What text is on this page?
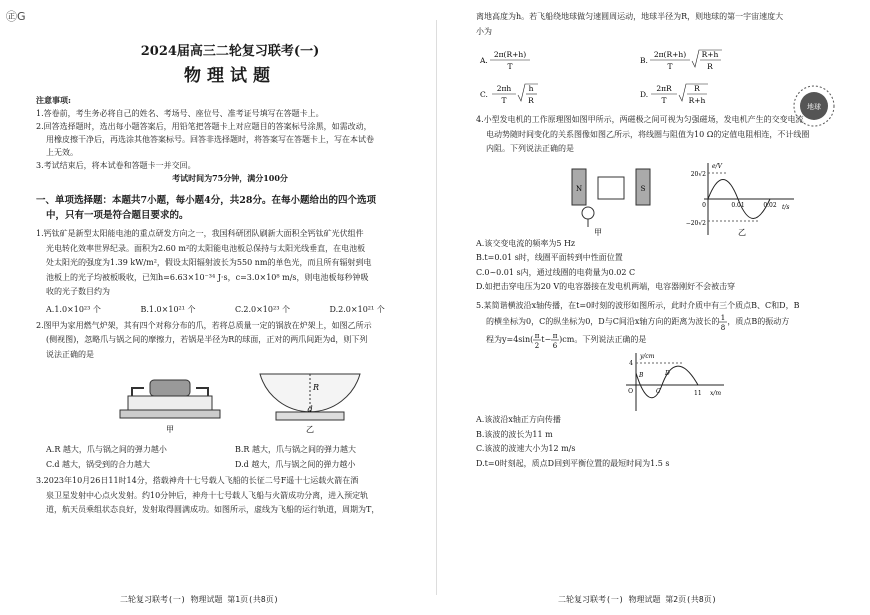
㊣G

2024届高三二轮复习联考(一)

物理试题

注意事项:

1.答卷前，考生务必将自己的姓名、考场号、座位号、准考证号填写在答题卡上。

2.回答选择题时，选出每小题答案后，用铅笔把答题卡上对应题目的答案标号涂黑，如需改动，

用橡皮擦干净后，再选涂其他答案标号。回答非选择题时，将答案写在答题卡上，写在本试卷

上无效。

3.考试结束后，将本试卷和答题卡一并交回。

考试时间为75分钟，满分100分

一、单项选择题：本题共7小题，每小题4分，共28分。在每小题给出的四个选项

中，只有一项是符合题目要求的。

1.钙钛矿是新型太阳能电池的重点研发方向之一，我国科研团队刷新大面积全钙钛矿光伏组件

光电转化效率世界纪录。面积为2.60 m²的太阳能电池板总保持与太阳光线垂直，在电池板

处太阳光的强度为1.39 kW/m²，假设太阳辐射波长为550 nm的单色光，而且所有辐射到电

池板上的光子均被板吸收，已知h=6.63×10⁻³⁴ J·s，c=3.0×10⁸ m/s，则电池板每秒钟吸

收的光子数目约为

A.1.0×10²³ 个	B.1.0×10²¹ 个	C.2.0×10²³ 个	D.2.0×10²¹ 个

2.图甲为家用燃气炉架，其有四个对称分布的爪，若将总质量一定的锅放在炉架上，如图乙所示

(侧视图)，忽略爪与锅之间的摩擦力，若锅是半径为R的球面，正对的两爪间距为d，则下列

说法正确的是

甲
R
d
乙
A.R 越大，爪与锅之间的弹力越小	B.R 越大，爪与锅之间的弹力越大
C.d 越大，锅受到的合力越大	D.d 越大，爪与锅之间的弹力越小

3.2023年10月26日11时14分，搭载神舟十七号载人飞船的长征二号F遥十七运载火箭在酒

泉卫星发射中心点火发射。约10分钟后，神舟十七号载人飞船与火箭成功分离，进入预定轨

道，航天员乘组状态良好，发射取得圆满成功。如图所示，虚线为飞船的运行轨道，周期为T，

二轮复习联考(一) 物理试题 第1页(共8页)

离地高度为h。若飞船绕地球做匀速圆周运动，地球半径为R，则地球的第一宇宙速度大

小为

A.
2π(R+h)
T
B.
2π(R+h)
T
R+h
R
C.
2πh
T
h
R
D.
2πR
T
R
R+h
地球

4.小型发电机的工作原理图如图甲所示，两磁极之间可视为匀强磁场，发电机产生的交变电流

电动势随时间变化的关系图像如图乙所示，将线圈与阻值为10 Ω的定值电阻相连，不计线圈

内阻。下列说法正确的是

N	S
甲
e/V
t/s
20√2
−20√2
0	0.01	0.02
乙

A.该交变电流的频率为5 Hz

B.t=0.01 s时，线圈平面转到中性面位置

C.0~0.01 s内，通过线圈的电荷量为0.02 C

D.如把击穿电压为20 V的电容器接在发电机两端，电容器刚好不会被击穿

5.某简谐横波沿x轴传播，在t=0时刻的波形如图所示，此时介质中有三个质点B、C和D，B

的横坐标为0，C的纵坐标为0，D与C间沿x轴方向的距离为波长的 1
8
，质点B的振动方

程为y=4sin( π
2
t− π
6
)cm。下列说法正确的是

y/cm
x/m
4
11
O
B
C
D

A.该波沿x轴正方向传播

B.该波的波长为11 m

C.该波的波速大小为12 m/s

D.t=0时刻起，质点D回到平衡位置的最短时间为1.5 s

二轮复习联考(一) 物理试题 第2页(共8页)
